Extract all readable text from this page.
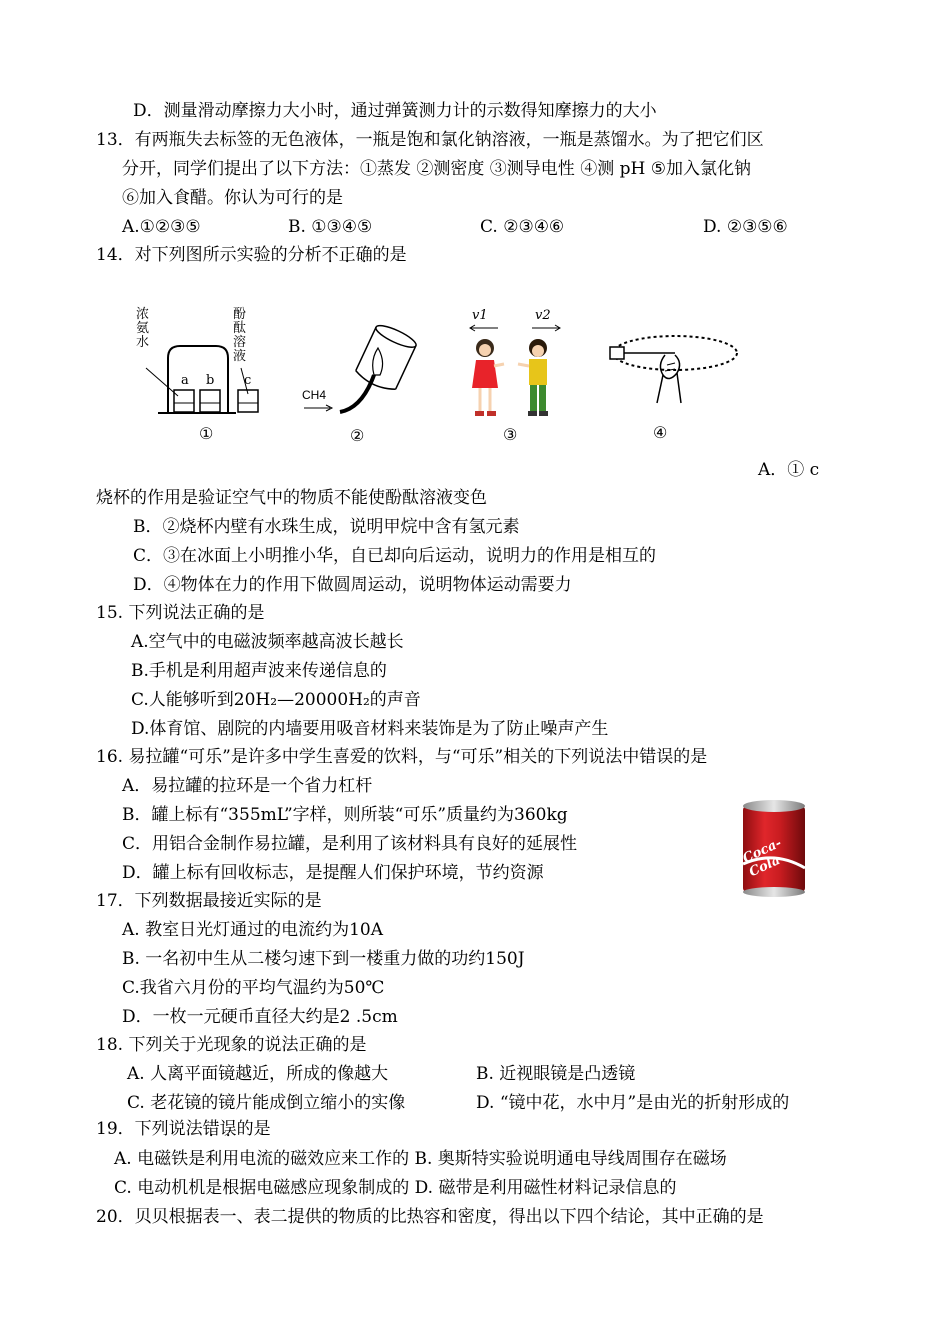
D．测量滑动摩擦力大小时，通过弹簧测力计的示数得知摩擦力的大小
13．有两瓶失去标签的无色液体，一瓶是饱和氯化钠溶液，一瓶是蒸馏水。为了把它们区
分开，同学们提出了以下方法：①蒸发 ②测密度 ③测导电性 ④测 pH ⑤加入氯化钠
⑥加入食醋。你认为可行的是
A.①②③⑤	B. ①③④⑤	C. ②③④⑥	D. ②③⑤⑥
14．对下列图所示实验的分析不正确的是
浓氨水
酚酞溶液
a b c
①
CH4
②
v1	v2
③	④
A．① c
烧杯的作用是验证空气中的物质不能使酚酞溶液变色
B．②烧杯内壁有水珠生成，说明甲烷中含有氢元素
C．③在冰面上小明推小华，自已却向后运动，说明力的作用是相互的
D．④物体在力的作用下做圆周运动，说明物体运动需要力
15. 下列说法正确的是
A.空气中的电磁波频率越高波长越长
B.手机是利用超声波来传递信息的
C.人能够听到20H₂—20000H₂的声音
D.体育馆、剧院的内墙要用吸音材料来装饰是为了防止噪声产生
16. 易拉罐“可乐”是许多中学生喜爱的饮料，与“可乐”相关的下列说法中错误的是
A．易拉罐的拉环是一个省力杠杆
B．罐上标有“355mL”字样，则所装“可乐”质量约为360kg
C．用铝合金制作易拉罐，是利用了该材料具有良好的延展性
D．罐上标有回收标志，是提醒人们保护环境，节约资源
Coca-Cola
17．下列数据最接近实际的是
A. 教室日光灯通过的电流约为10A
B. 一名初中生从二楼匀速下到一楼重力做的功约150J
C.我省六月份的平均气温约为50℃
D．一枚一元硬币直径大约是2 .5cm
18. 下列关于光现象的说法正确的是
A. 人离平面镜越近，所成的像越大	B. 近视眼镜是凸透镜
C. 老花镜的镜片能成倒立缩小的实像	D. “镜中花，水中月”是由光的折射形成的
19．下列说法错误的是
A. 电磁铁是利用电流的磁效应来工作的 B. 奥斯特实验说明通电导线周围存在磁场
C. 电动机机是根据电磁感应现象制成的 D. 磁带是利用磁性材料记录信息的
20．贝贝根据表一、表二提供的物质的比热容和密度，得出以下四个结论，其中正确的是
